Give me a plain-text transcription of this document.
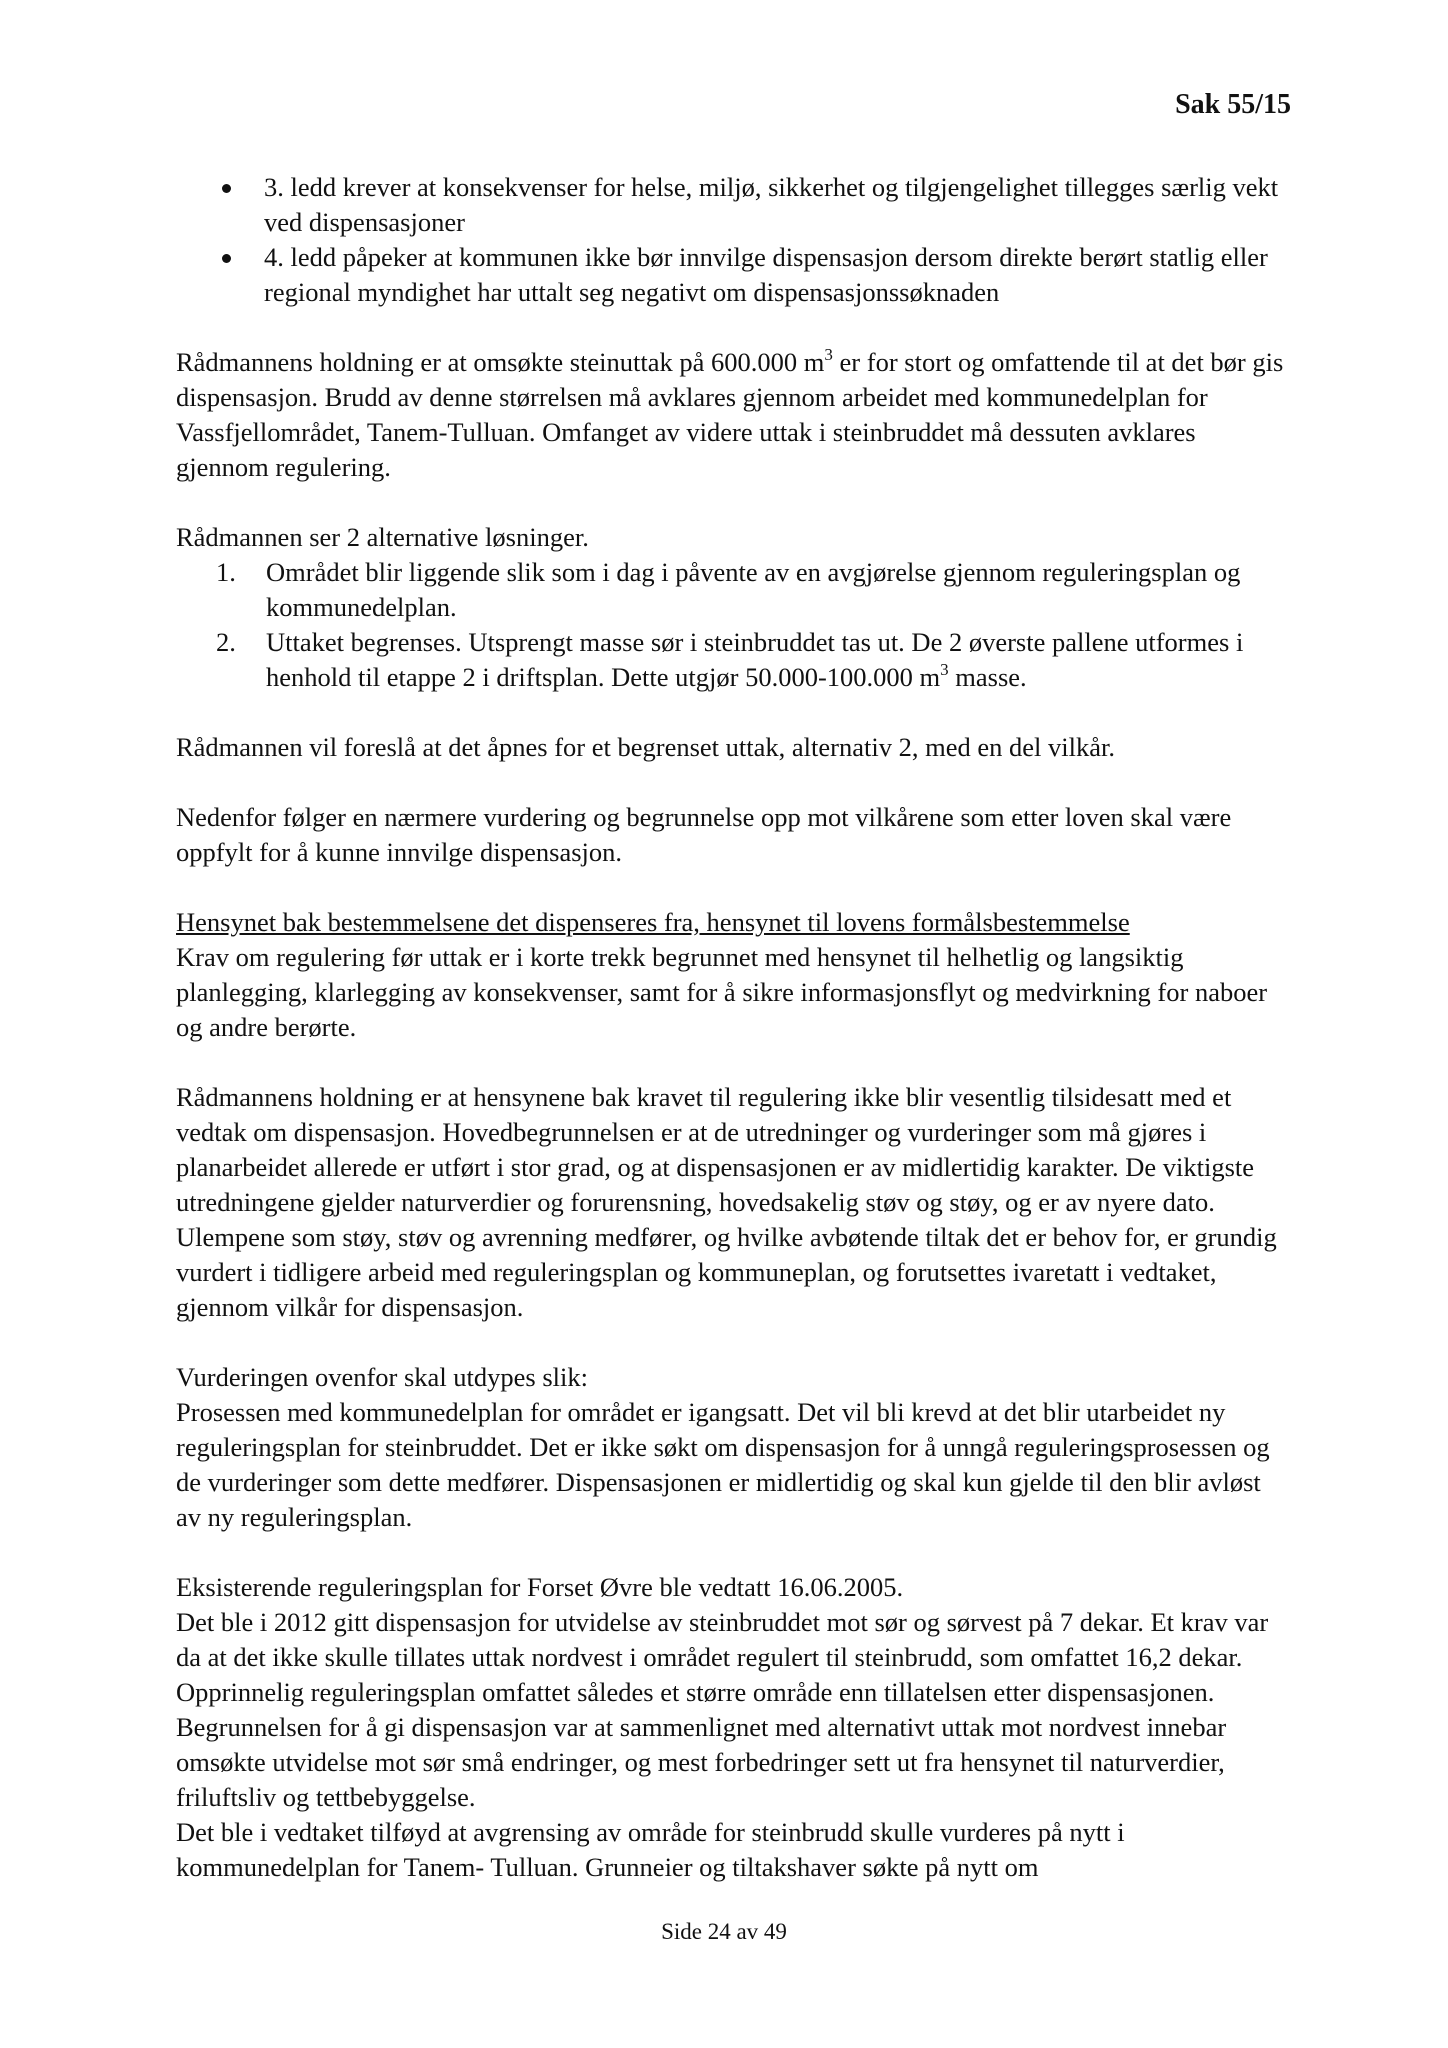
Sak 55/15
3. ledd krever at konsekvenser for helse, miljø, sikkerhet og tilgjengelighet tillegges særlig vekt ved dispensasjoner
4. ledd påpeker at kommunen ikke bør innvilge dispensasjon dersom direkte berørt statlig eller regional myndighet har uttalt seg negativt om dispensasjonssøknaden

Rådmannens holdning er at omsøkte steinuttak på 600.000 $m^3$ er for stort og omfattende til at det bør gis dispensasjon. Brudd av denne størrelsen må avklares gjennom arbeidet med kommunedelplan for Vassfjellområdet, Tanem-Tulluan. Omfanget av videre uttak i steinbruddet må dessuten avklares gjennom regulering.

Rådmannen ser 2 alternative løsninger.

1. Området blir liggende slik som i dag i påvente av en avgjørelse gjennom reguleringsplan og kommunedelplan.
2. Uttaket begrenses. Utsprengt masse sør i steinbruddet tas ut. De 2 øverste pallene utformes i henhold til etappe 2 i driftsplan. Dette utgjør 50.000-100.000 $m^3$ masse.

Rådmannen vil foreslå at det åpnes for et begrenset uttak, alternativ 2, med en del vilkår.

Nedenfor følger en nærmere vurdering og begrunnelse opp mot vilkårene som etter loven skal være oppfylt for å kunne innvilge dispensasjon.

Hensynet bak bestemmelsene det dispenseres fra, hensynet til lovens formålsbestemmelse

Krav om regulering før uttak er i korte trekk begrunnet med hensynet til helhetlig og langsiktig planlegging, klarlegging av konsekvenser, samt for å sikre informasjonsflyt og medvirkning for naboer og andre berørte.

Rådmannens holdning er at hensynene bak kravet til regulering ikke blir vesentlig tilsidesatt med et vedtak om dispensasjon. Hovedbegrunnelsen er at de utredninger og vurderinger som må gjøres i planarbeidet allerede er utført i stor grad, og at dispensasjonen er av midlertidig karakter. De viktigste utredningene gjelder naturverdier og forurensning, hovedsakelig støv og støy, og er av nyere dato. Ulempene som støy, støv og avrenning medfører, og hvilke avbøtende tiltak det er behov for, er grundig vurdert i tidligere arbeid med reguleringsplan og kommuneplan, og forutsettes ivaretatt i vedtaket, gjennom vilkår for dispensasjon.

Vurderingen ovenfor skal utdypes slik:

Prosessen med kommunedelplan for området er igangsatt. Det vil bli krevd at det blir utarbeidet ny reguleringsplan for steinbruddet. Det er ikke søkt om dispensasjon for å unngå reguleringsprosessen og de vurderinger som dette medfører. Dispensasjonen er midlertidig og skal kun gjelde til den blir avløst av ny reguleringsplan.

Eksisterende reguleringsplan for Forset Øvre ble vedtatt 16.06.2005.

Det ble i 2012 gitt dispensasjon for utvidelse av steinbruddet mot sør og sørvest på 7 dekar. Et krav var da at det ikke skulle tillates uttak nordvest i området regulert til steinbrudd, som omfattet 16,2 dekar. Opprinnelig reguleringsplan omfattet således et større område enn tillatelsen etter dispensasjonen. Begrunnelsen for å gi dispensasjon var at sammenlignet med alternativt uttak mot nordvest innebar omsøkte utvidelse mot sør små endringer, og mest forbedringer sett ut fra hensynet til naturverdier, friluftsliv og tettbebyggelse.

Det ble i vedtaket tilføyd at avgrensing av område for steinbrudd skulle vurderes på nytt i kommunedelplan for Tanem- Tulluan. Grunneier og tiltakshaver søkte på nytt om

Side 24 av 49
